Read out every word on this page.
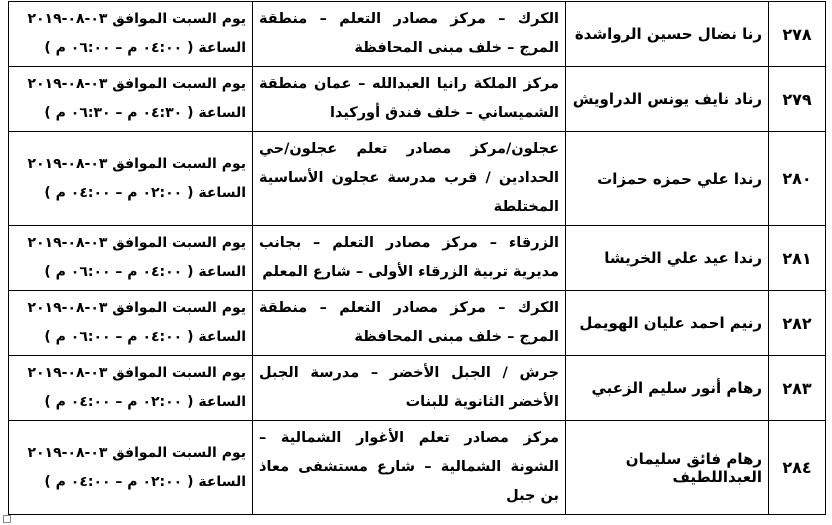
٢٧٨	رنا نضال حسين الرواشدة	الكرك – مركز مصادر التعلم – منطقة المرج – خلف مبنى المحافظة	يوم السبت الموافق ٠٣-٠٨-٢٠١٩
الساعة ( ٠٤:٠٠ م – ٠٦:٠٠ م )

٢٧٩	رناد نايف يونس الدراويش	مركز الملكة رانيا العبدالله – عمان منطقة الشميساني – خلف فندق أوركيدا	يوم السبت الموافق ٠٣-٠٨-٢٠١٩
الساعة ( ٠٤:٣٠ م – ٠٦:٣٠ م )

٢٨٠	رندا علي حمزه حمزات	عجلون/مركز مصادر تعلم عجلون/حي الحدادين / قرب مدرسة عجلون الأساسية المختلطة	يوم السبت الموافق ٠٣-٠٨-٢٠١٩
الساعة ( ٠٢:٠٠ م – ٠٤:٠٠ م )

٢٨١	رندا عيد علي الخريشا	الزرقاء – مركز مصادر التعلم – بجانب مديرية تربية الزرقاء الأولى – شارع المعلم	يوم السبت الموافق ٠٣-٠٨-٢٠١٩
الساعة ( ٠٤:٠٠ م – ٠٦:٠٠ م )

٢٨٢	رنيم احمد عليان الهويمل	الكرك – مركز مصادر التعلم – منطقة المرج – خلف مبنى المحافظة	يوم السبت الموافق ٠٣-٠٨-٢٠١٩
الساعة ( ٠٤:٠٠ م – ٠٦:٠٠ م )

٢٨٣	رهام أنور سليم الزعبي	جرش / الجبل الأخضر – مدرسة الجبل الأخضر الثانوية للبنات	يوم السبت الموافق ٠٣-٠٨-٢٠١٩
الساعة ( ٠٢:٠٠ م – ٠٤:٠٠ م )

٢٨٤	رهام فائق سليمان العبداللطيف	مركز مصادر تعلم الأغوار الشمالية – الشونة الشمالية – شارع مستشفى معاذ بن جبل	يوم السبت الموافق ٠٣-٠٨-٢٠١٩
الساعة ( ٠٢:٠٠ م – ٠٤:٠٠ م )
